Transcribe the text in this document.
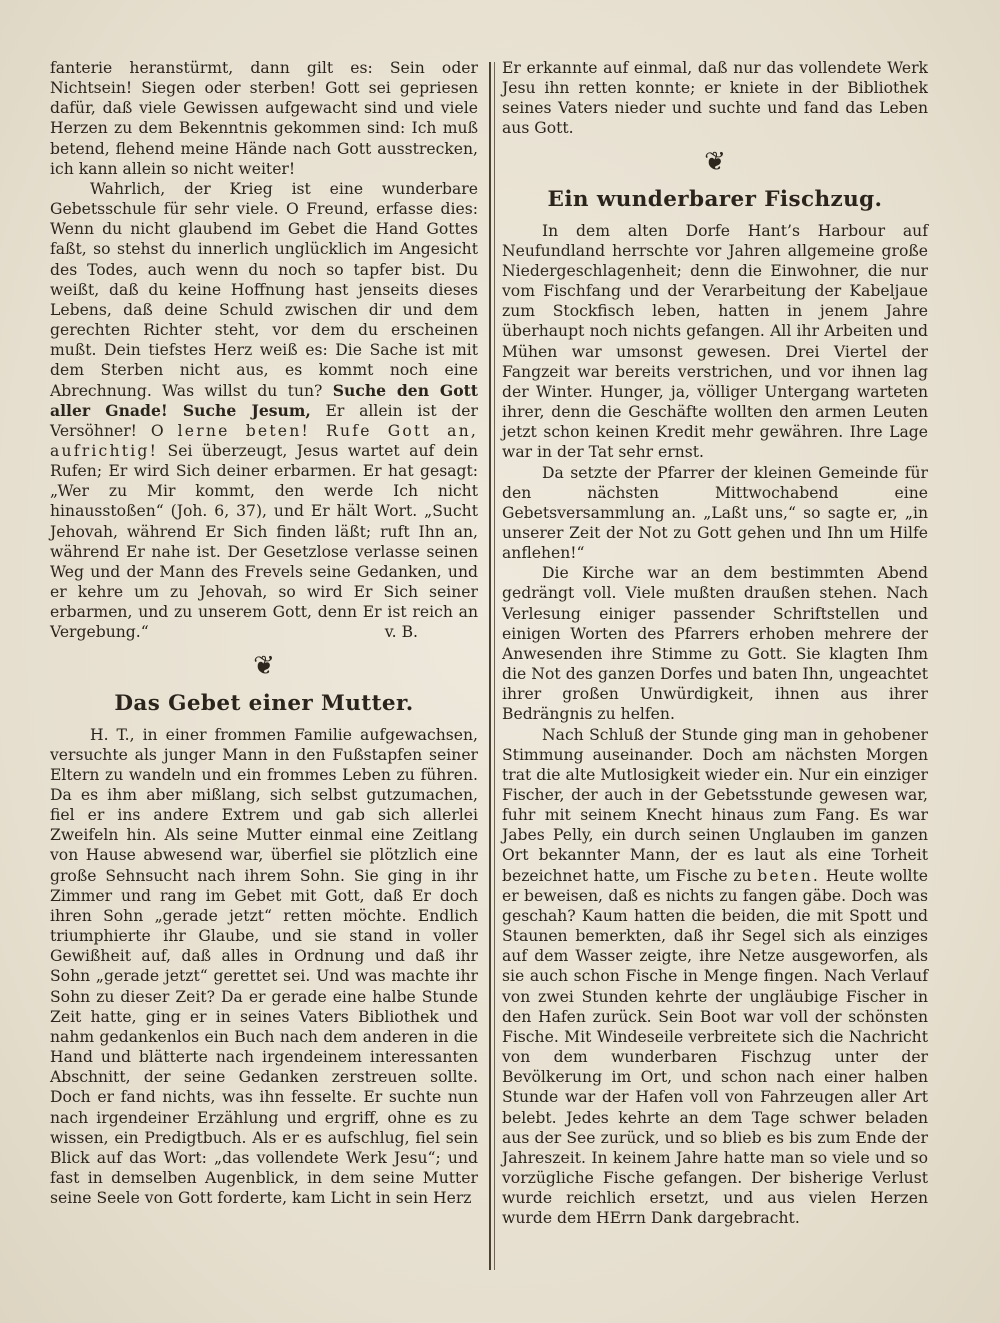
fanterie heranstürmt, dann gilt es: Sein oder Nichtsein! Siegen oder sterben! Gott sei gepriesen dafür, daß viele Gewissen aufgewacht sind und viele Herzen zu dem Bekenntnis gekommen sind: Ich muß betend, flehend meine Hände nach Gott ausstrecken, ich kann allein so nicht weiter!

Wahrlich, der Krieg ist eine wunderbare Gebetsschule für sehr viele. O Freund, erfasse dies: Wenn du nicht glaubend im Gebet die Hand Gottes faßt, so stehst du innerlich unglücklich im Angesicht des Todes, auch wenn du noch so tapfer bist. Du weißt, daß du keine Hoffnung hast jenseits dieses Lebens, daß deine Schuld zwischen dir und dem gerechten Richter steht, vor dem du erscheinen mußt. Dein tiefstes Herz weiß es: Die Sache ist mit dem Sterben nicht aus, es kommt noch eine Abrechnung. Was willst du tun? Suche den Gott aller Gnade! Suche Jesum, Er allein ist der Versöhner! O lerne beten! Rufe Gott an, aufrichtig! Sei überzeugt, Jesus wartet auf dein Rufen; Er wird Sich deiner erbarmen. Er hat gesagt: „Wer zu Mir kommt, den werde Ich nicht hinausstoßen“ (Joh. 6, 37), und Er hält Wort. „Sucht Jehovah, während Er Sich finden läßt; ruft Ihn an, während Er nahe ist. Der Gesetzlose verlasse seinen Weg und der Mann des Frevels seine Gedanken, und er kehre um zu Jehovah, so wird Er Sich seiner erbarmen, und zu unserem Gott, denn Er ist reich an Vergebung.“	v. B.

❦
Das Gebet einer Mutter.

H. T., in einer frommen Familie aufgewachsen, versuchte als junger Mann in den Fußstapfen seiner Eltern zu wandeln und ein frommes Leben zu führen. Da es ihm aber mißlang, sich selbst gutzumachen, fiel er ins andere Extrem und gab sich allerlei Zweifeln hin. Als seine Mutter einmal eine Zeitlang von Hause abwesend war, überfiel sie plötzlich eine große Sehnsucht nach ihrem Sohn. Sie ging in ihr Zimmer und rang im Gebet mit Gott, daß Er doch ihren Sohn „gerade jetzt“ retten möchte. Endlich triumphierte ihr Glaube, und sie stand in voller Gewißheit auf, daß alles in Ordnung und daß ihr Sohn „gerade jetzt“ gerettet sei. Und was machte ihr Sohn zu dieser Zeit? Da er gerade eine halbe Stunde Zeit hatte, ging er in seines Vaters Bibliothek und nahm gedankenlos ein Buch nach dem anderen in die Hand und blätterte nach irgendeinem interessanten Abschnitt, der seine Gedanken zerstreuen sollte. Doch er fand nichts, was ihn fesselte. Er suchte nun nach irgendeiner Erzählung und ergriff, ohne es zu wissen, ein Predigtbuch. Als er es aufschlug, fiel sein Blick auf das Wort: „das vollendete Werk Jesu“; und fast in demselben Augenblick, in dem seine Mutter seine Seele von Gott forderte, kam Licht in sein Herz

Er erkannte auf einmal, daß nur das vollendete Werk Jesu ihn retten konnte; er kniete in der Bibliothek seines Vaters nieder und suchte und fand das Leben aus Gott.

❦
Ein wunderbarer Fischzug.

In dem alten Dorfe Hant’s Harbour auf Neufundland herrschte vor Jahren allgemeine große Niedergeschlagenheit; denn die Einwohner, die nur vom Fischfang und der Verarbeitung der Kabeljaue zum Stockfisch leben, hatten in jenem Jahre überhaupt noch nichts gefangen. All ihr Arbeiten und Mühen war umsonst gewesen. Drei Viertel der Fangzeit war bereits verstrichen, und vor ihnen lag der Winter. Hunger, ja, völliger Untergang warteten ihrer, denn die Geschäfte wollten den armen Leuten jetzt schon keinen Kredit mehr gewähren. Ihre Lage war in der Tat sehr ernst.

Da setzte der Pfarrer der kleinen Gemeinde für den nächsten Mittwochabend eine Gebetsversammlung an. „Laßt uns,“ so sagte er, „in unserer Zeit der Not zu Gott gehen und Ihn um Hilfe anflehen!“

Die Kirche war an dem bestimmten Abend gedrängt voll. Viele mußten draußen stehen. Nach Verlesung einiger passender Schriftstellen und einigen Worten des Pfarrers erhoben mehrere der Anwesenden ihre Stimme zu Gott. Sie klagten Ihm die Not des ganzen Dorfes und baten Ihn, ungeachtet ihrer großen Unwürdigkeit, ihnen aus ihrer Bedrängnis zu helfen.

Nach Schluß der Stunde ging man in gehobener Stimmung auseinander. Doch am nächsten Morgen trat die alte Mutlosigkeit wieder ein. Nur ein einziger Fischer, der auch in der Gebetsstunde gewesen war, fuhr mit seinem Knecht hinaus zum Fang. Es war Jabes Pelly, ein durch seinen Unglauben im ganzen Ort bekannter Mann, der es laut als eine Torheit bezeichnet hatte, um Fische zu beten. Heute wollte er beweisen, daß es nichts zu fangen gäbe. Doch was geschah? Kaum hatten die beiden, die mit Spott und Staunen bemerkten, daß ihr Segel sich als einziges auf dem Wasser zeigte, ihre Netze ausgeworfen, als sie auch schon Fische in Menge fingen. Nach Verlauf von zwei Stunden kehrte der ungläubige Fischer in den Hafen zurück. Sein Boot war voll der schönsten Fische. Mit Windeseile verbreitete sich die Nachricht von dem wunderbaren Fischzug unter der Bevölkerung im Ort, und schon nach einer halben Stunde war der Hafen voll von Fahrzeugen aller Art belebt. Jedes kehrte an dem Tage schwer beladen aus der See zurück, und so blieb es bis zum Ende der Jahreszeit. In keinem Jahre hatte man so viele und so vorzügliche Fische gefangen. Der bisherige Verlust wurde reichlich ersetzt, und aus vielen Herzen wurde dem HErrn Dank dargebracht.
